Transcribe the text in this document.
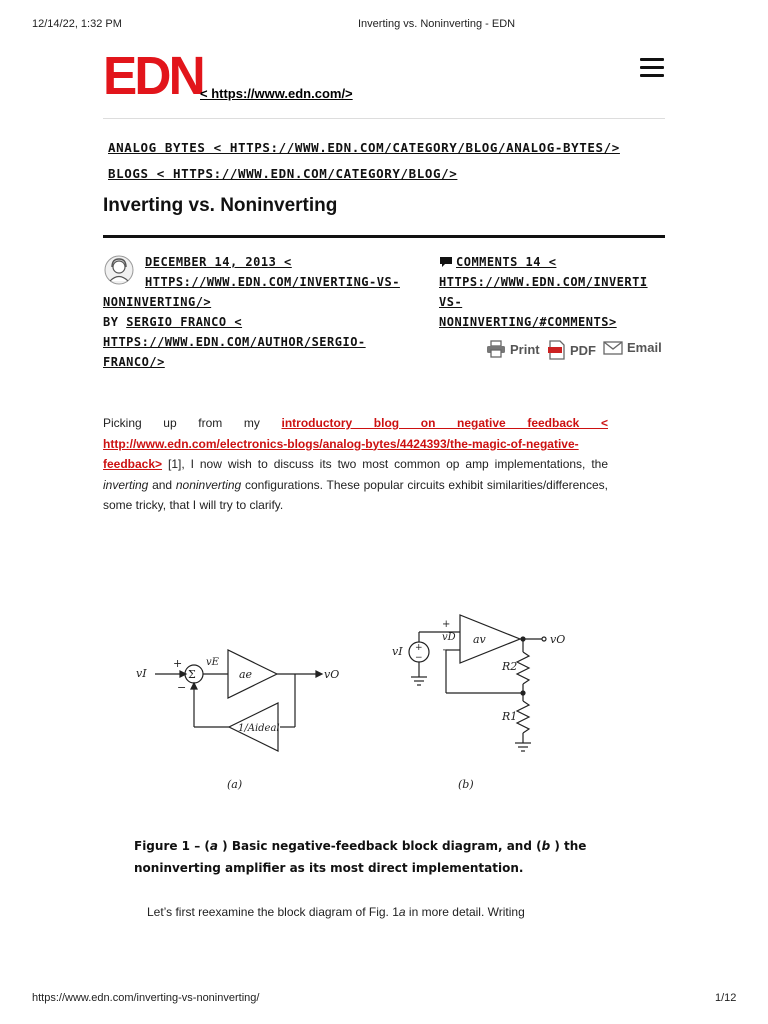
12/14/22, 1:32 PM	Inverting vs. Noninverting - EDN
EDN
< https://www.edn.com/>
ANALOG BYTES < HTTPS://WWW.EDN.COM/CATEGORY/BLOG/ANALOG-BYTES/>
BLOGS < HTTPS://WWW.EDN.COM/CATEGORY/BLOG/>
Inverting vs. Noninverting
DECEMBER 14, 2013 <
HTTPS://WWW.EDN.COM/INVERTING-VS-
NONINVERTING/>
BY SERGIO FRANCO <
HTTPS://WWW.EDN.COM/AUTHOR/SERGIO-
FRANCO/>
COMMENTS 14 <
HTTPS://WWW.EDN.COM/INVERTI
VS-
NONINVERTING/#COMMENTS>
Print PDF Email
Picking up from my introductory blog on negative feedback < http://www.edn.com/electronics-blogs/analog-bytes/4424393/the-magic-of-negative-feedback> [1], I now wish to discuss its two most common op amp implementations, the inverting and noninverting configurations. These popular circuits exhibit similarities/differences, some tricky, that I will try to clarify.
vI	Σ
+
−
vE
ae	vO
1/Aideal
(a)
vI +
−
+
−
vD av	vO
R2
R1
(b)
Figure 1 – (a ) Basic negative-feedback block diagram, and (b ) the noninverting amplifier as its most direct implementation.
Let’s first reexamine the block diagram of Fig. 1a in more detail. Writing
https://www.edn.com/inverting-vs-noninverting/	1/12
